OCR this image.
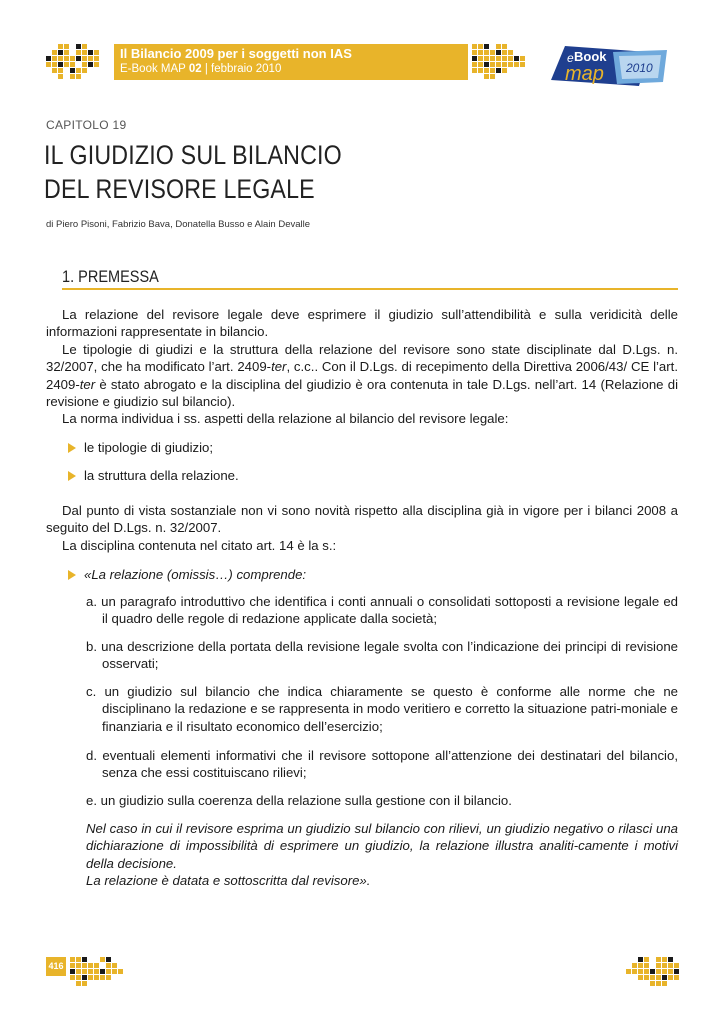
Il Bilancio 2009 per i soggetti non IAS
E-Book MAP 02 | febbraio 2010
e Book
map 2010
CAPITOLO 19
IL GIUDIZIO SUL BILANCIO
DEL REVISORE LEGALE
di Piero Pisoni, Fabrizio Bava, Donatella Busso e Alain Devalle
1. PREMESSA

La relazione del revisore legale deve esprimere il giudizio sull’attendibilità e sulla veridicità delle informazioni rappresentate in bilancio.

Le tipologie di giudizi e la struttura della relazione del revisore sono state disciplinate dal D.Lgs. n. 32/2007, che ha modificato l’art. 2409-ter, c.c.. Con il D.Lgs. di recepimento della Direttiva 2006/43/ CE l’art. 2409-ter è stato abrogato e la disciplina del giudizio è ora contenuta in tale D.Lgs. nell’art. 14 (Relazione di revisione e giudizio sul bilancio).

La norma individua i ss. aspetti della relazione al bilancio del revisore legale:

le tipologie di giudizio;
la struttura della relazione.

Dal punto di vista sostanziale non vi sono novità rispetto alla disciplina già in vigore per i bilanci 2008 a seguito del D.Lgs. n. 32/2007.

La disciplina contenuta nel citato art. 14 è la s.:

«La relazione (omissis…) comprende:
a. un paragrafo introduttivo che identifica i conti annuali o consolidati sottoposti a revisione legale ed il quadro delle regole di redazione applicate dalla società;
b. una descrizione della portata della revisione legale svolta con l’indicazione dei principi di revisione osservati;
c. un giudizio sul bilancio che indica chiaramente se questo è conforme alle norme che ne disciplinano la redazione e se rappresenta in modo veritiero e corretto la situazione patri-moniale e finanziaria e il risultato economico dell’esercizio;
d. eventuali elementi informativi che il revisore sottopone all’attenzione dei destinatari del bilancio, senza che essi costituiscano rilievi;
e. un giudizio sulla coerenza della relazione sulla gestione con il bilancio.

Nel caso in cui il revisore esprima un giudizio sul bilancio con rilievi, un giudizio negativo o rilasci una dichiarazione di impossibilità di esprimere un giudizio, la relazione illustra analiti-camente i motivi della decisione.

La relazione è datata e sottoscritta dal revisore».

416
